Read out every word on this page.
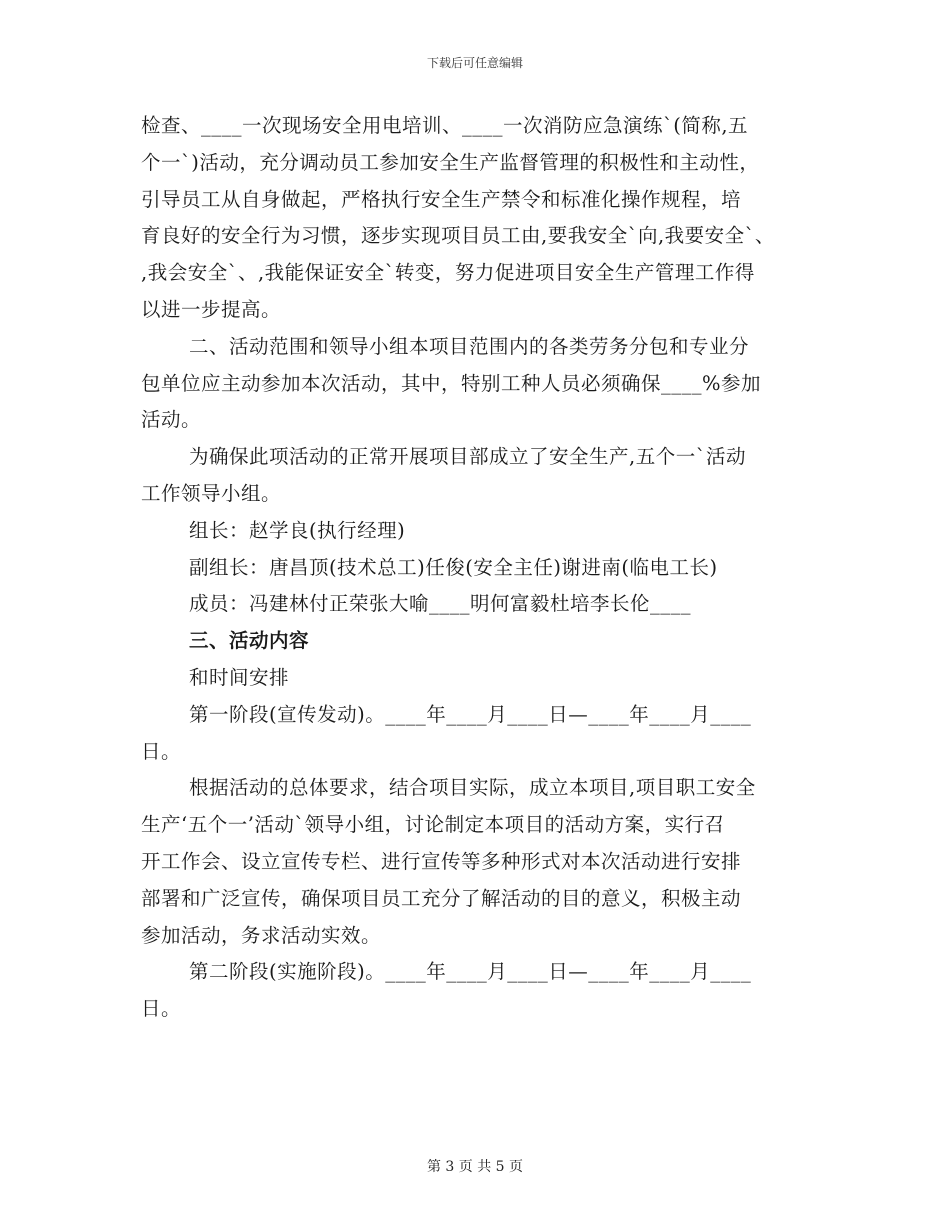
下载后可任意编辑
检查、____一次现场安全用电培训、____一次消防应急演练`(简称,五
个一`)活动，充分调动员工参加安全生产监督管理的积极性和主动性，
引导员工从自身做起，严格执行安全生产禁令和标准化操作规程，培
育良好的安全行为习惯，逐步实现项目员工由,要我安全`向,我要安全`、
,我会安全`、,我能保证安全`转变，努力促进项目安全生产管理工作得
以进一步提高。
二、活动范围和领导小组本项目范围内的各类劳务分包和专业分
包单位应主动参加本次活动，其中，特别工种人员必须确保____%参加
活动。
为确保此项活动的正常开展项目部成立了安全生产,五个一`活动
工作领导小组。
组长：赵学良(执行经理)
副组长：唐昌顶(技术总工)任俊(安全主任)谢进南(临电工长)
成员：冯建林付正荣张大喻____明何富毅杜培李长伦____
三、活动内容
和时间安排
第一阶段(宣传发动)。____年____月____日—____年____月____
日。
根据活动的总体要求，结合项目实际，成立本项目,项目职工安全
生产‘五个一’活动`领导小组，讨论制定本项目的活动方案，实行召
开工作会、设立宣传专栏、进行宣传等多种形式对本次活动进行安排
部署和广泛宣传，确保项目员工充分了解活动的目的意义，积极主动
参加活动，务求活动实效。
第二阶段(实施阶段)。____年____月____日—____年____月____
日。
第 3 页 共 5 页
